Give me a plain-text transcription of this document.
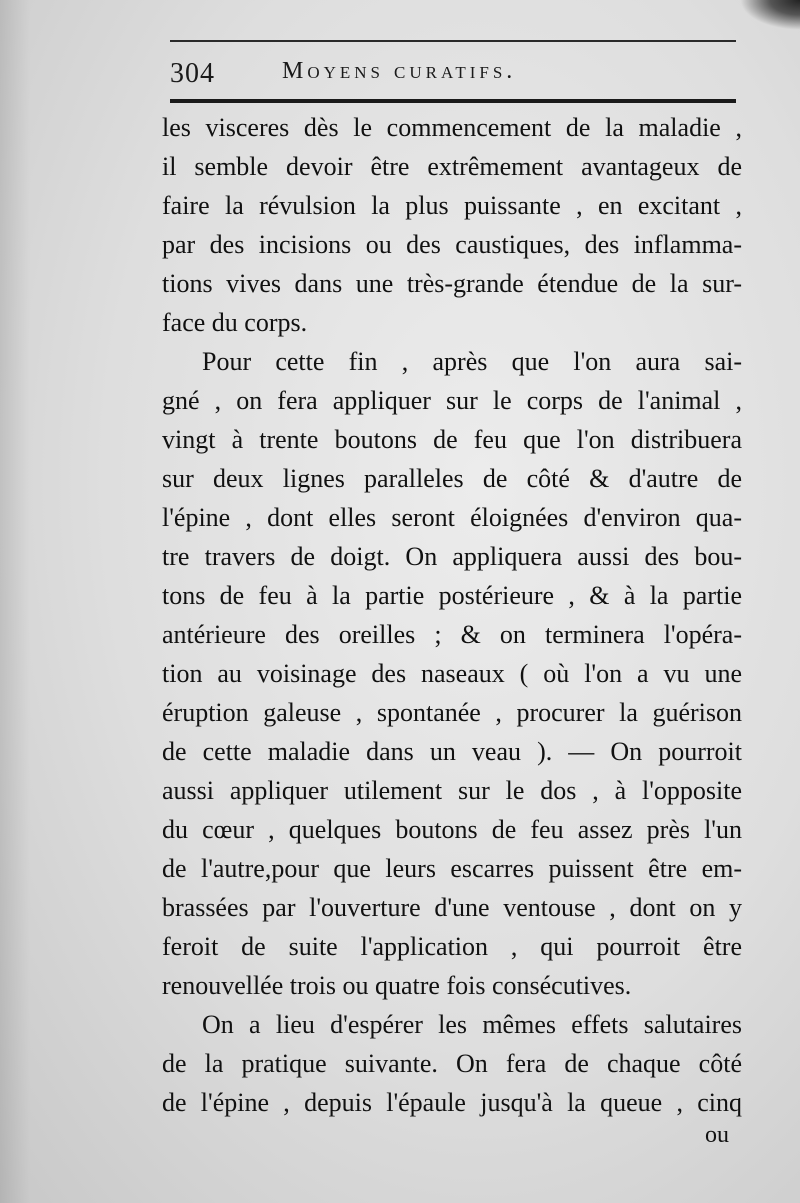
304	Moyens curatifs.
les visceres dès le commencement de la maladie ,
il semble devoir être extrêmement avantageux de
faire la révulsion la plus puissante , en excitant ,
par des incisions ou des caustiques, des inflamma-
tions vives dans une très-grande étendue de la sur-
face du corps.
Pour cette fin , après que l'on aura sai-
gné , on fera appliquer sur le corps de l'animal ,
vingt à trente boutons de feu que l'on distribuera
sur deux lignes paralleles de côté & d'autre de
l'épine , dont elles seront éloignées d'environ qua-
tre travers de doigt. On appliquera aussi des bou-
tons de feu à la partie postérieure , & à la partie
antérieure des oreilles ; & on terminera l'opéra-
tion au voisinage des naseaux ( où l'on a vu une
éruption galeuse , spontanée , procurer la guérison
de cette maladie dans un veau ). — On pourroit
aussi appliquer utilement sur le dos , à l'opposite
du cœur , quelques boutons de feu assez près l'un
de l'autre,pour que leurs escarres puissent être em-
brassées par l'ouverture d'une ventouse , dont on y
feroit de suite l'application , qui pourroit être
renouvellée trois ou quatre fois consécutives.
On a lieu d'espérer les mêmes effets salutaires
de la pratique suivante. On fera de chaque côté
de l'épine , depuis l'épaule jusqu'à la queue , cinq
ou
